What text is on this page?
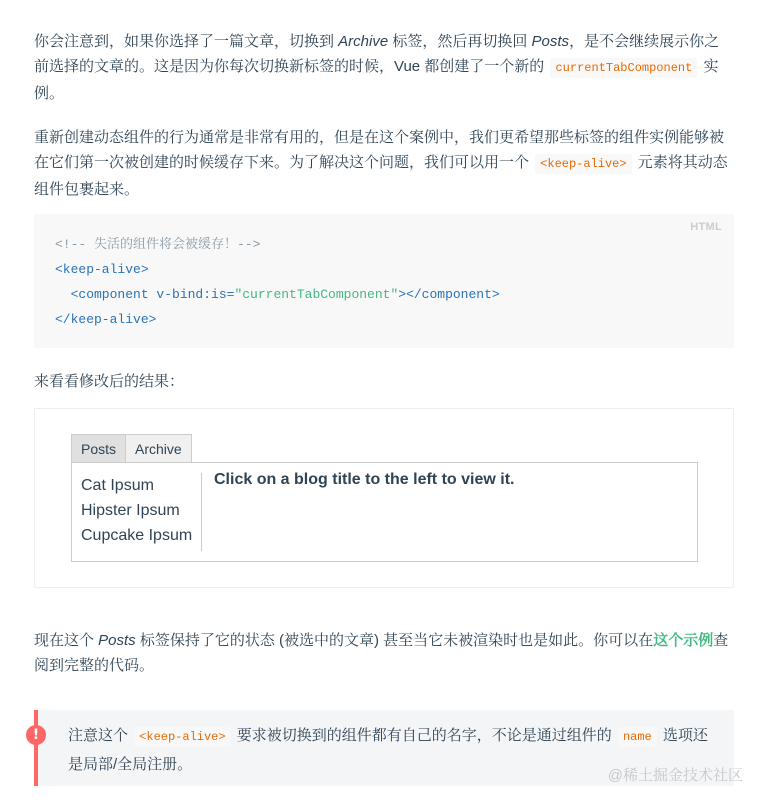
你会注意到，如果你选择了一篇文章，切换到 Archive 标签，然后再切换回 Posts，是不会继续展示你之前选择的文章的。这是因为你每次切换新标签的时候，Vue 都创建了一个新的 currentTabComponent 实例。
重新创建动态组件的行为通常是非常有用的，但是在这个案例中，我们更希望那些标签的组件实例能够被在它们第一次被创建的时候缓存下来。为了解决这个问题，我们可以用一个 <keep-alive> 元素将其动态组件包裹起来。
HTML
<!-- 失活的组件将会被缓存！-->
<keep-alive>
<component v-bind:is="currentTabComponent"></component>
</keep-alive>
来看看修改后的结果：
Posts	Archive
Cat Ipsum
Hipster Ipsum
Cupcake Ipsum
Click on a blog title to the left to view it.
现在这个 Posts 标签保持了它的状态 (被选中的文章) 甚至当它未被渲染时也是如此。你可以在这个示例查阅到完整的代码。
!	注意这个 <keep-alive> 要求被切换到的组件都有自己的名字，不论是通过组件的 name 选项还是局部/全局注册。
@稀土掘金技术社区
